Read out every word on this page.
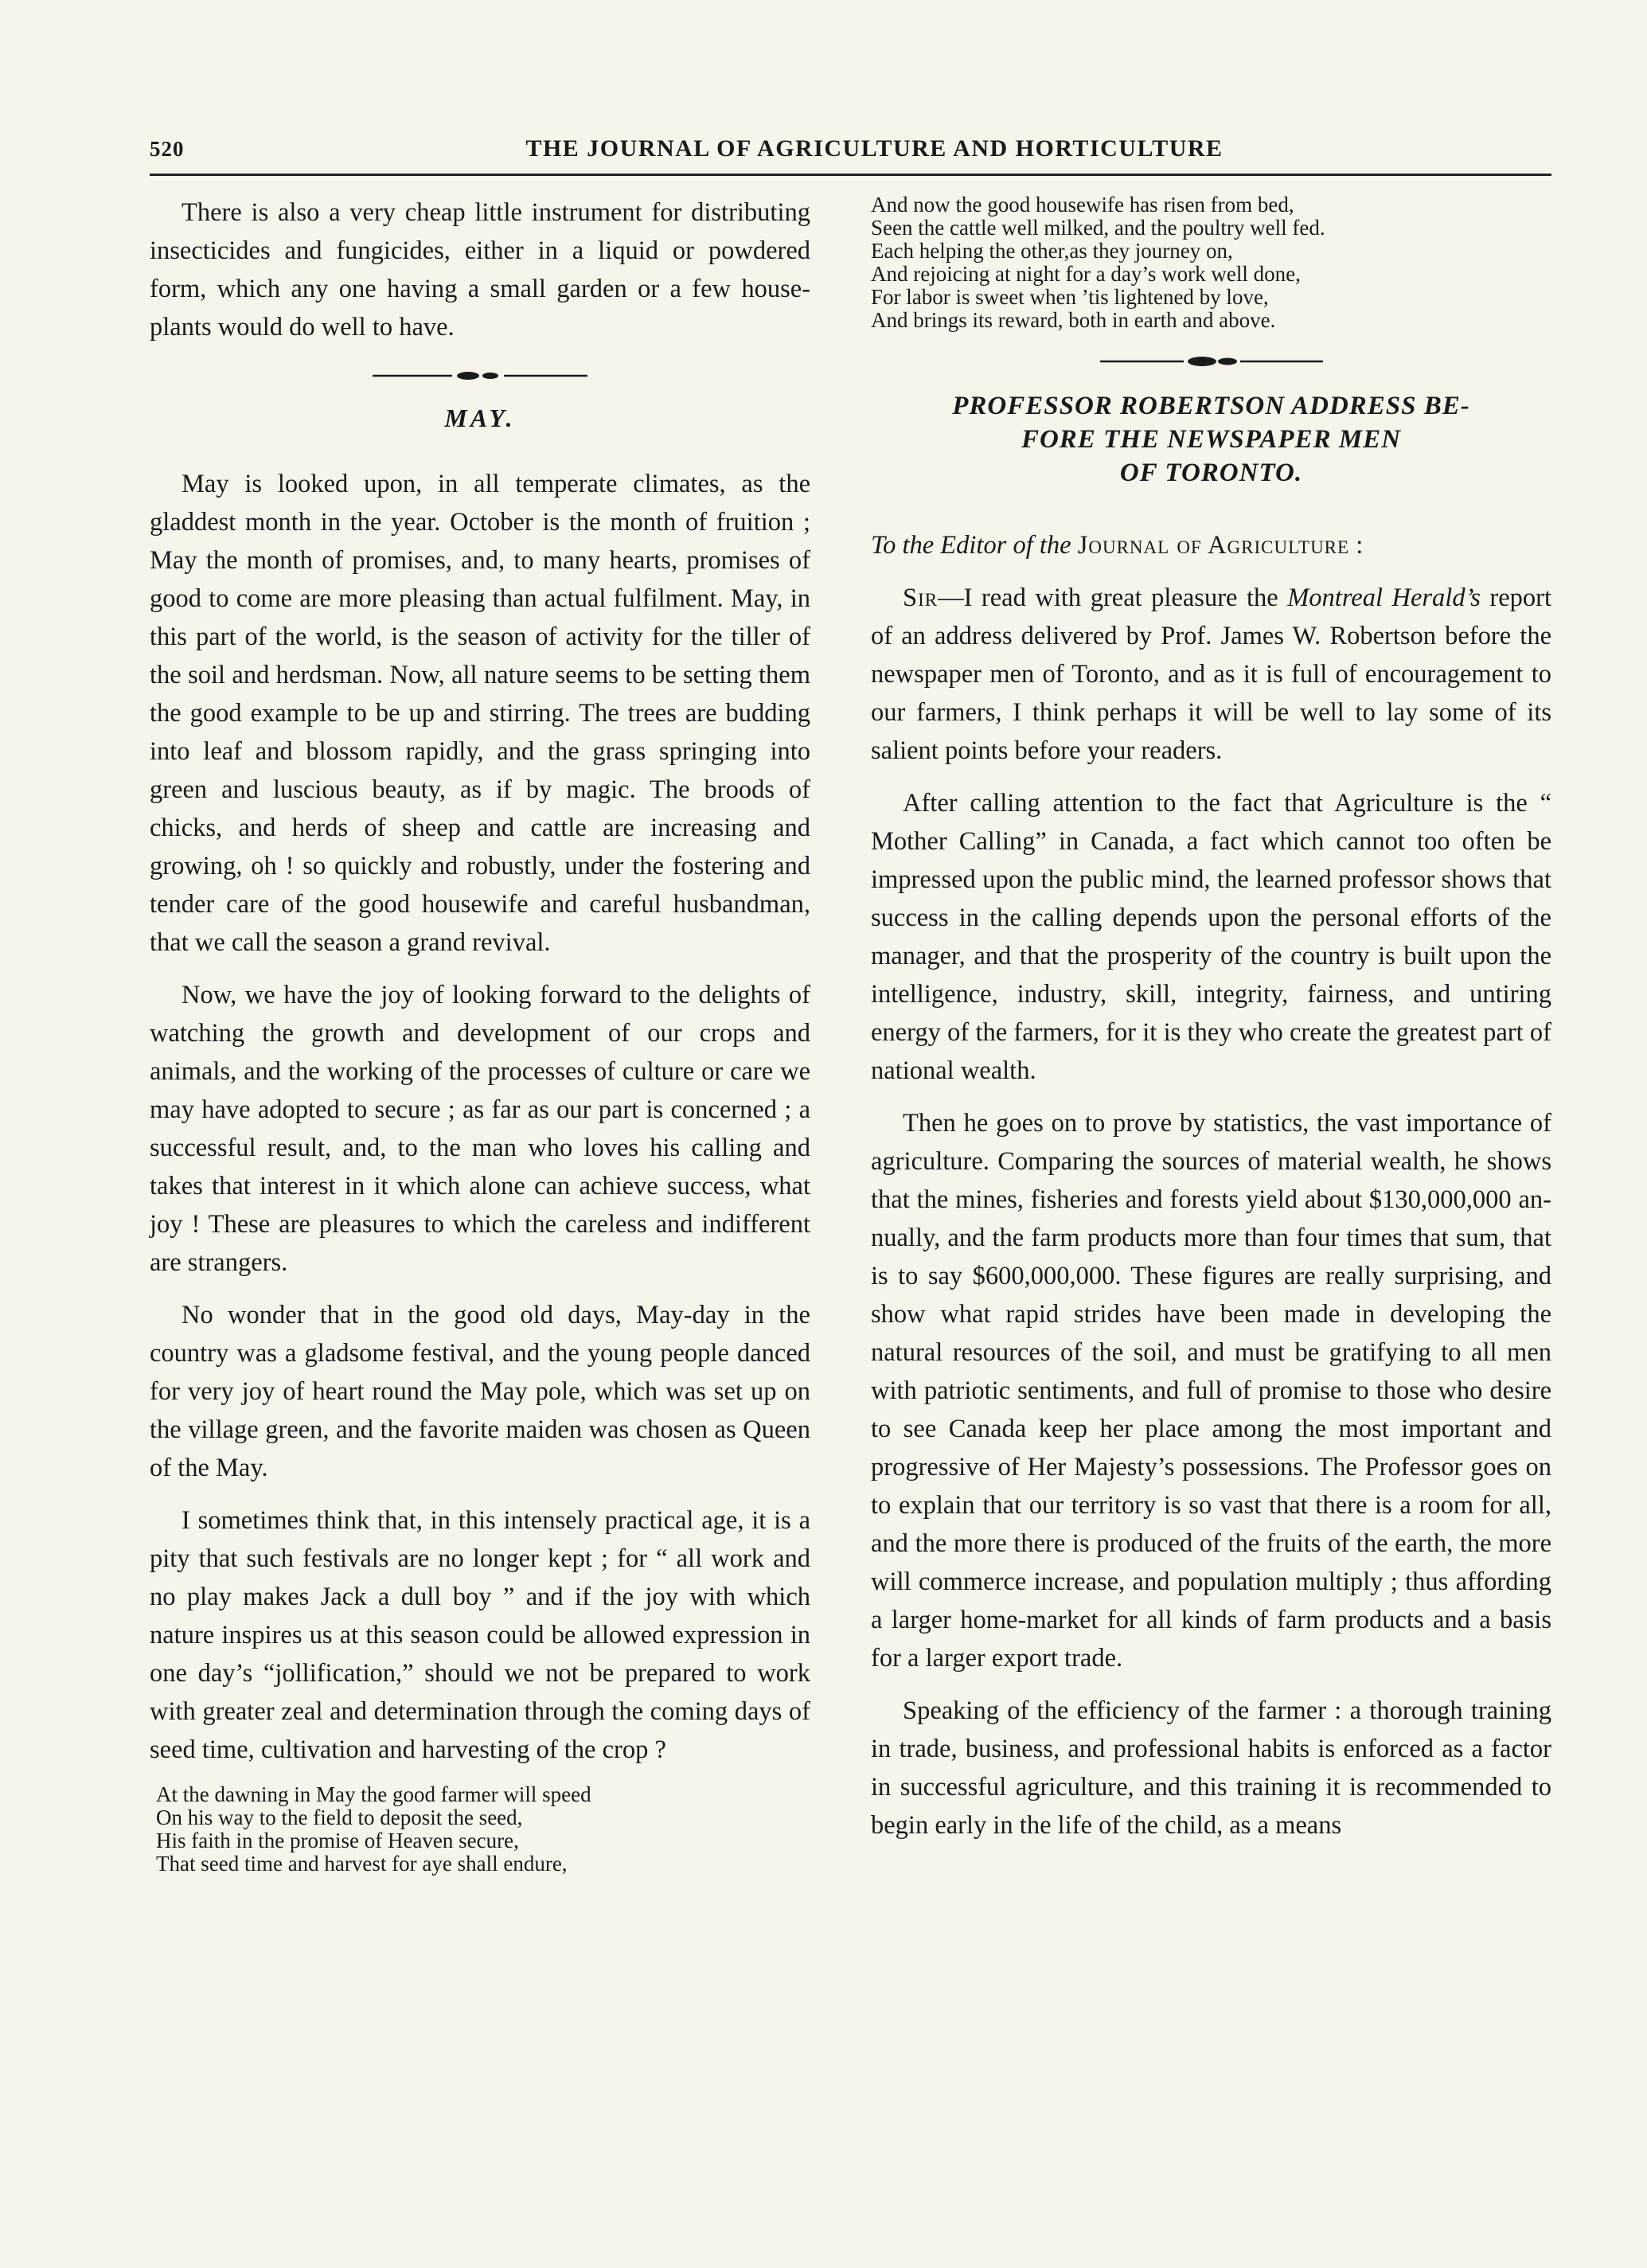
520	THE JOURNAL OF AGRICULTURE AND HORTICULTURE

There is also a very cheap little instrument for distributing insecticides and fungicides, either in a liquid or powdered form, which any one having a small garden or a few house-plants would do well to have.

MAY.

May is looked upon, in all temperate climates, as the gladdest month in the year. October is the month of fruition ; May the month of promises, and, to many hearts, promises of good to come are more pleasing than actual fulfilment. May, in this part of the world, is the season of activity for the tiller of the soil and herdsman. Now, all nature seems to be setting them the good example to be up and stirring. The trees are budding into leaf and blossom rapidly, and the grass springing into green and luscious beauty, as if by magic. The broods of chicks, and herds of sheep and cattle are increasing and growing, oh ! so quickly and robustly, under the fostering and tender care of the good housewife and careful husbandman, that we call the season a grand revival.

Now, we have the joy of looking forward to the delights of watching the growth and development of our crops and animals, and the working of the processes of culture or care we may have adopted to secure ; as far as our part is concerned ; a successful result, and, to the man who loves his calling and takes that interest in it which alone can achieve success, what joy ! These are pleasures to which the careless and indifferent are strangers.

No wonder that in the good old days, May-day in the country was a gladsome festival, and the young people danced for very joy of heart round the May pole, which was set up on the village green, and the favorite maiden was chosen as Queen of the May.

I sometimes think that, in this intensely practical age, it is a pity that such festivals are no longer kept ; for “ all work and no play makes Jack a dull boy ” and if the joy with which nature inspires us at this season could be allowed expression in one day’s “jollification,” should we not be prepared to work with greater zeal and determination through the coming days of seed time, cultivation and harvesting of the crop ?

At the dawning in May the good farmer will speed
On his way to the field to deposit the seed,
His faith in the promise of Heaven secure,
That seed time and harvest for aye shall endure,
And now the good housewife has risen from bed,
Seen the cattle well milked, and the poultry well fed.
Each helping the other,as they journey on,
And rejoicing at night for a day’s work well done,
For labor is sweet when ’tis lightened by love,
And brings its reward, both in earth and above.
PROFESSOR ROBERTSON ADDRESS BE-
FORE THE NEWSPAPER MEN
OF TORONTO.

To the Editor of the Journal of Agriculture :

Sir—I read with great pleasure the Montreal Herald’s report of an address delivered by Prof. James W. Robertson before the newspaper men of Toronto, and as it is full of encouragement to our farmers, I think perhaps it will be well to lay some of its salient points before your readers.

After calling attention to the fact that Agriculture is the “ Mother Calling” in Canada, a fact which cannot too often be impressed upon the public mind, the learned professor shows that success in the calling depends upon the personal efforts of the manager, and that the prosperity of the country is built upon the intelligence, industry, skill, integrity, fairness, and untiring energy of the farmers, for it is they who create the greatest part of national wealth.

Then he goes on to prove by statistics, the vast importance of agriculture. Comparing the sources of material wealth, he shows that the mines, fisheries and forests yield about $130,000,000 annually, and the farm products more than four times that sum, that is to say $600,000,000. These figures are really surprising, and show what rapid strides have been made in developing the natural resources of the soil, and must be gratifying to all men with patriotic sentiments, and full of promise to those who desire to see Canada keep her place among the most important and progressive of Her Majesty’s possessions. The Professor goes on to explain that our territory is so vast that there is a room for all, and the more there is produced of the fruits of the earth, the more will commerce increase, and population multiply ; thus affording a larger home-market for all kinds of farm products and a basis for a larger export trade.

Speaking of the efficiency of the farmer : a thorough training in trade, business, and professional habits is enforced as a factor in successful agriculture, and this training it is recommended to begin early in the life of the child, as a means
